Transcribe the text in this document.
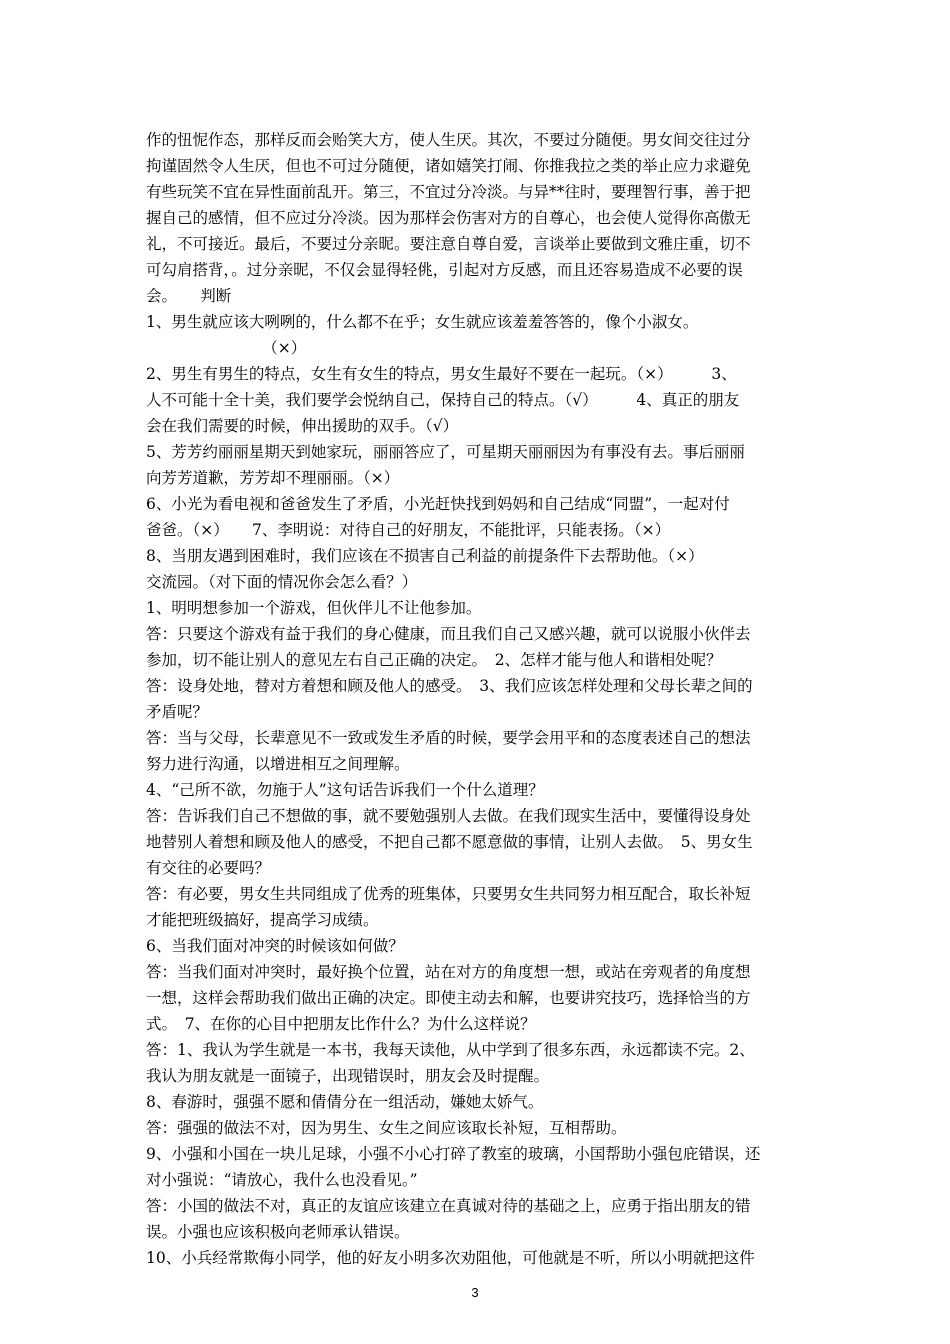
作的忸怩作态，那样反而会贻笑大方，使人生厌。其次，不要过分随便。男女间交往过分
拘谨固然令人生厌，但也不可过分随便，诸如嬉笑打闹、你推我拉之类的举止应力求避免
有些玩笑不宜在异性面前乱开。第三，不宜过分冷淡。与异**往时，要理智行事，善于把
握自己的感情，但不应过分冷淡。因为那样会伤害对方的自尊心，也会使人觉得你高傲无
礼，不可接近。最后，不要过分亲昵。要注意自尊自爱，言谈举止要做到文雅庄重，切不
可勾肩搭背，。过分亲昵，不仅会显得轻佻，引起对方反感，而且还容易造成不必要的误
会。　　判断
1、男生就应该大咧咧的，什么都不在乎；女生就应该羞羞答答的，像个小淑女。
　　　　　　　　（×）
2、男生有男生的特点，女生有女生的特点，男女生最好不要在一起玩。（×）　　　3、
人不可能十全十美，我们要学会悦纳自己，保持自己的特点。（√）　　　4、真正的朋友
会在我们需要的时候，伸出援助的双手。（√）
5、芳芳约丽丽星期天到她家玩，丽丽答应了，可星期天丽丽因为有事没有去。事后丽丽
向芳芳道歉，芳芳却不理丽丽。（×）
6、小光为看电视和爸爸发生了矛盾，小光赶快找到妈妈和自己结成“同盟”，一起对付
爸爸。（×）　　7、李明说：对待自己的好朋友，不能批评，只能表扬。（×）
8、当朋友遇到困难时，我们应该在不损害自己利益的前提条件下去帮助他。（×）
交流园。（对下面的情况你会怎么看？）
1、明明想参加一个游戏，但伙伴儿不让他参加。
答：只要这个游戏有益于我们的身心健康，而且我们自己又感兴趣，就可以说服小伙伴去
参加，切不能让别人的意见左右自己正确的决定。　2、怎样才能与他人和谐相处呢？
答：设身处地，替对方着想和顾及他人的感受。　3、我们应该怎样处理和父母长辈之间的
矛盾呢？
答：当与父母，长辈意见不一致或发生矛盾的时候，要学会用平和的态度表述自己的想法
努力进行沟通，以增进相互之间理解。
4、“己所不欲，勿施于人”这句话告诉我们一个什么道理？
答：告诉我们自己不想做的事，就不要勉强别人去做。在我们现实生活中，要懂得设身处
地替别人着想和顾及他人的感受，不把自己都不愿意做的事情，让别人去做。　5、男女生
有交往的必要吗？
答：有必要，男女生共同组成了优秀的班集体，只要男女生共同努力相互配合，取长补短
才能把班级搞好，提高学习成绩。
6、当我们面对冲突的时候该如何做？
答：当我们面对冲突时，最好换个位置，站在对方的角度想一想，或站在旁观者的角度想
一想，这样会帮助我们做出正确的决定。即使主动去和解，也要讲究技巧，选择恰当的方
式。　7、在你的心目中把朋友比作什么？为什么这样说？
答：1、我认为学生就是一本书，我每天读他，从中学到了很多东西，永远都读不完。2、
我认为朋友就是一面镜子，出现错误时，朋友会及时提醒。
8、春游时，强强不愿和倩倩分在一组活动，嫌她太娇气。
答：强强的做法不对，因为男生、女生之间应该取长补短，互相帮助。
9、小强和小国在一块儿足球，小强不小心打碎了教室的玻璃，小国帮助小强包庇错误，还
对小强说：“请放心，我什么也没看见。”
答：小国的做法不对，真正的友谊应该建立在真诚对待的基础之上，应勇于指出朋友的错
误。小强也应该积极向老师承认错误。
10、小兵经常欺侮小同学，他的好友小明多次劝阻他，可他就是不听，所以小明就把这件
3
